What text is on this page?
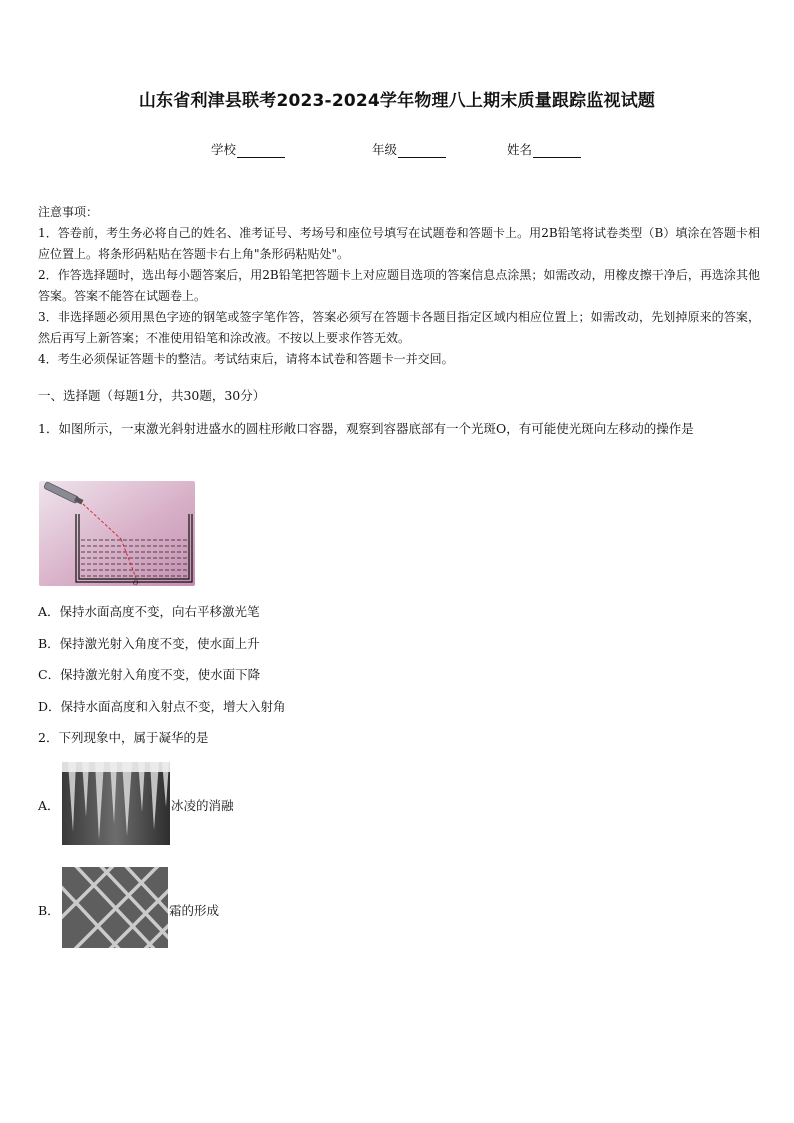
山东省利津县联考2023-2024学年物理八上期末质量跟踪监视试题
学校	年级	姓名

注意事项：

1．答卷前，考生务必将自己的姓名、准考证号、考场号和座位号填写在试题卷和答题卡上。用2B铅笔将试卷类型（B）填涂在答题卡相应位置上。将条形码粘贴在答题卡右上角"条形码粘贴处"。

2．作答选择题时，选出每小题答案后，用2B铅笔把答题卡上对应题目选项的答案信息点涂黑；如需改动，用橡皮擦干净后，再选涂其他答案。答案不能答在试题卷上。

3．非选择题必须用黑色字迹的钢笔或签字笔作答，答案必须写在答题卡各题目指定区域内相应位置上；如需改动，先划掉原来的答案，然后再写上新答案；不准使用铅笔和涂改液。不按以上要求作答无效。

4．考生必须保证答题卡的整洁。考试结束后，请将本试卷和答题卡一并交回。

一、选择题（每题1分，共30题，30分）
1．如图所示，一束激光斜射进盛水的圆柱形敞口容器，观察到容器底部有一个光斑O，有可能使光斑向左移动的操作是
O
A．保持水面高度不变，向右平移激光笔
B．保持激光射入角度不变，使水面上升
C．保持激光射入角度不变，使水面下降
D．保持水面高度和入射点不变，增大入射角
2．下列现象中，属于凝华的是
A．	冰凌的消融
B．	霜的形成
